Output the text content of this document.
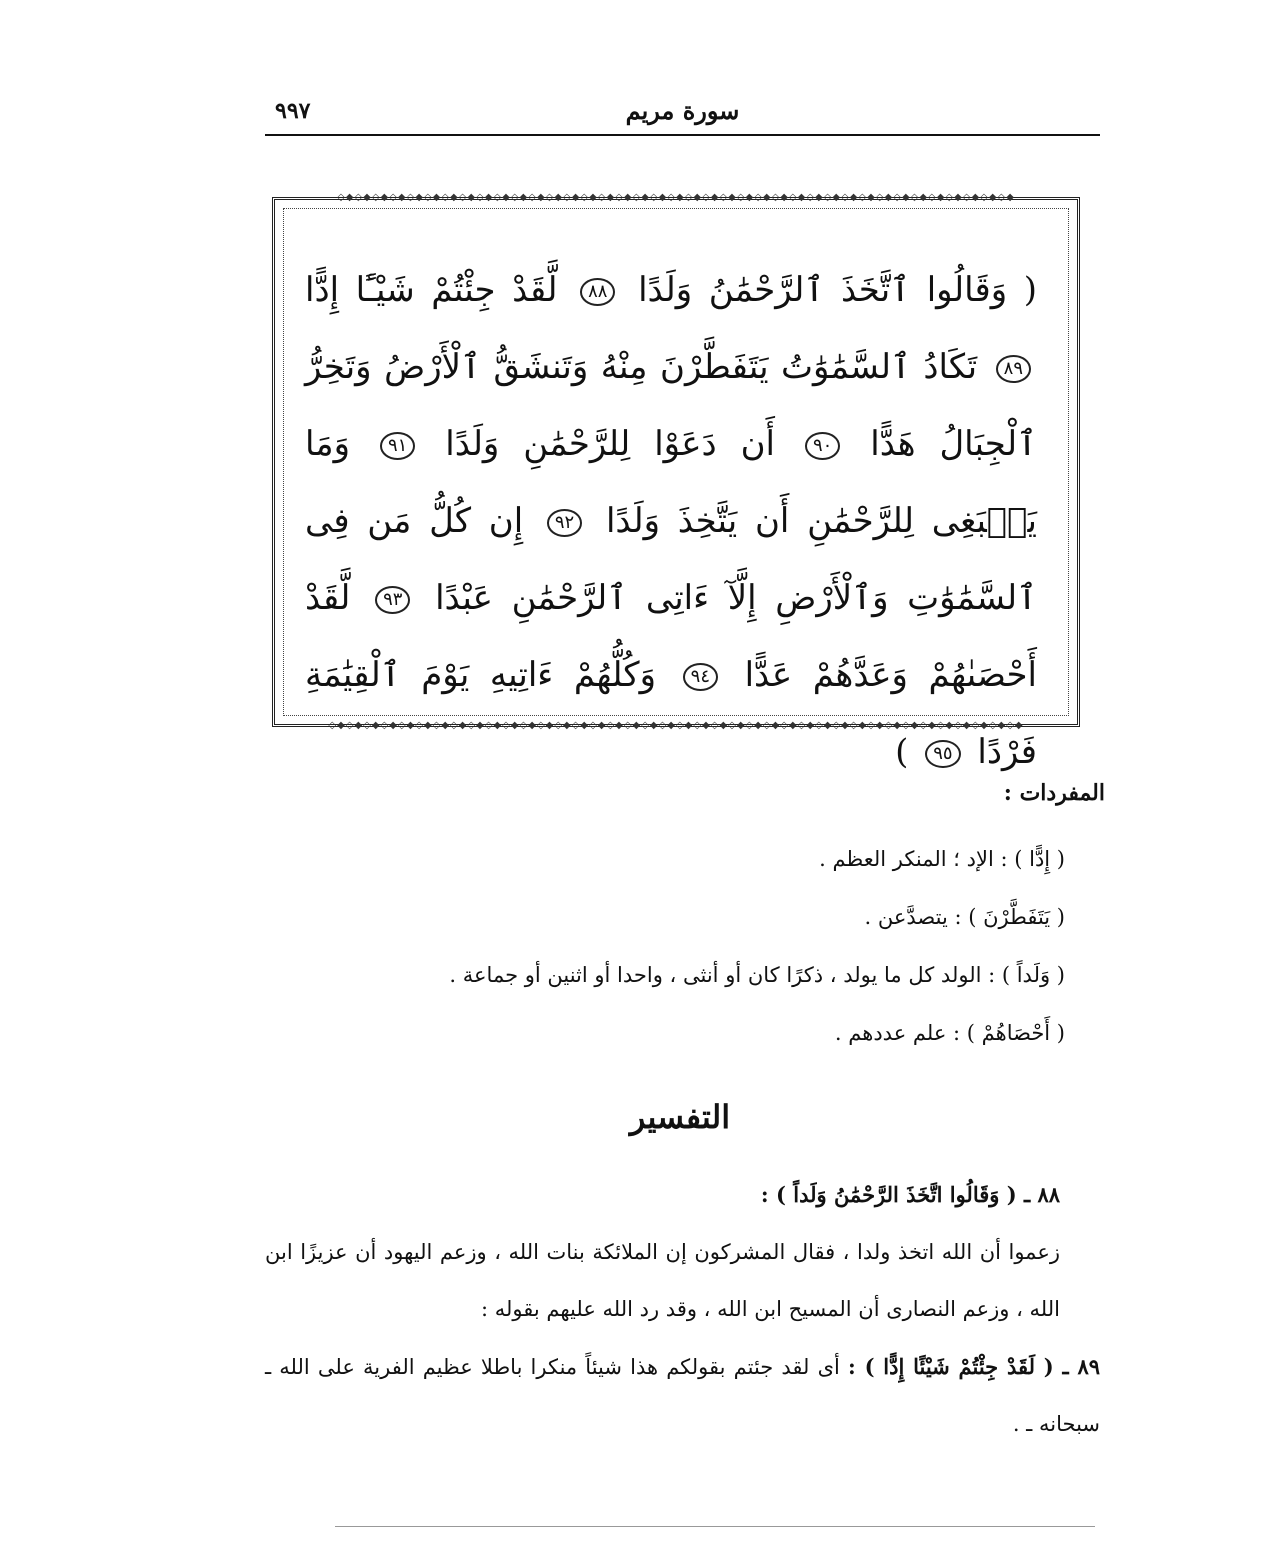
سورة مريم
٩٩٧
◇◆◇◆◇◆◇◆◇◆◇◆◇◆◇◆◇◆◇◆◇◆◇◆◇◆◇◆◇◆◇◆◇◆◇◆◇◆◇◆◇◆◇◆◇◆◇◆◇◆◇◆◇◆◇◆◇◆◇◆◇◆◇◆◇◆◇◆◇◆◇◆◇◆◇◆◇◆
( وَقَالُوا ٱتَّخَذَ ٱلرَّحْمَٰنُ وَلَدًا ٨٨ لَّقَدْ جِئْتُمْ شَيْـًٔا إِدًّا ٨٩ تَكَادُ ٱلسَّمَٰوَٰتُ يَتَفَطَّرْنَ مِنْهُ وَتَنشَقُّ ٱلْأَرْضُ وَتَخِرُّ ٱلْجِبَالُ هَدًّا ٩٠ أَن دَعَوْا لِلرَّحْمَٰنِ وَلَدًا ٩١ وَمَا يَنۢبَغِى لِلرَّحْمَٰنِ أَن يَتَّخِذَ وَلَدًا ٩٢ إِن كُلُّ مَن فِى ٱلسَّمَٰوَٰتِ وَٱلْأَرْضِ إِلَّآ ءَاتِى ٱلرَّحْمَٰنِ عَبْدًا ٩٣ لَّقَدْ أَحْصَىٰهُمْ وَعَدَّهُمْ عَدًّا ٩٤ وَكُلُّهُمْ ءَاتِيهِ يَوْمَ ٱلْقِيَٰمَةِ فَرْدًا ٩٥ )
◇◆◇◆◇◆◇◆◇◆◇◆◇◆◇◆◇◆◇◆◇◆◇◆◇◆◇◆◇◆◇◆◇◆◇◆◇◆◇◆◇◆◇◆◇◆◇◆◇◆◇◆◇◆◇◆◇◆◇◆◇◆◇◆◇◆◇◆◇◆◇◆◇◆◇◆◇◆◇◆
المفردات :
( إِدًّا ) : الإد ؛ المنكر العظم .
( يَتَفَطَّرْنَ ) : يتصدَّعن .
( وَلَداً ) : الولد كل ما يولد ، ذكرًا كان أو أنثى ، واحدا أو اثنين أو جماعة .
( أَحْصَاهُمْ ) : علم عددهم .
التفسير

٨٨ ـ ( وَقَالُوا اتَّخَذَ الرَّحْمَٰنُ وَلَداً ) :

زعموا أن الله اتخذ ولدا ، فقال المشركون إن الملائكة بنات الله ، وزعم اليهود أن عزيزًا ابن الله ، وزعم النصارى أن المسيح ابن الله ، وقد رد الله عليهم بقوله :

٨٩ ـ ( لَقَدْ جِئْتُمْ شَيْئًا إِدًّا ) : أى لقد جئتم بقولكم هذا شيئاً منكرا باطلا عظيم الفرية على الله ـ سبحانه ـ .
